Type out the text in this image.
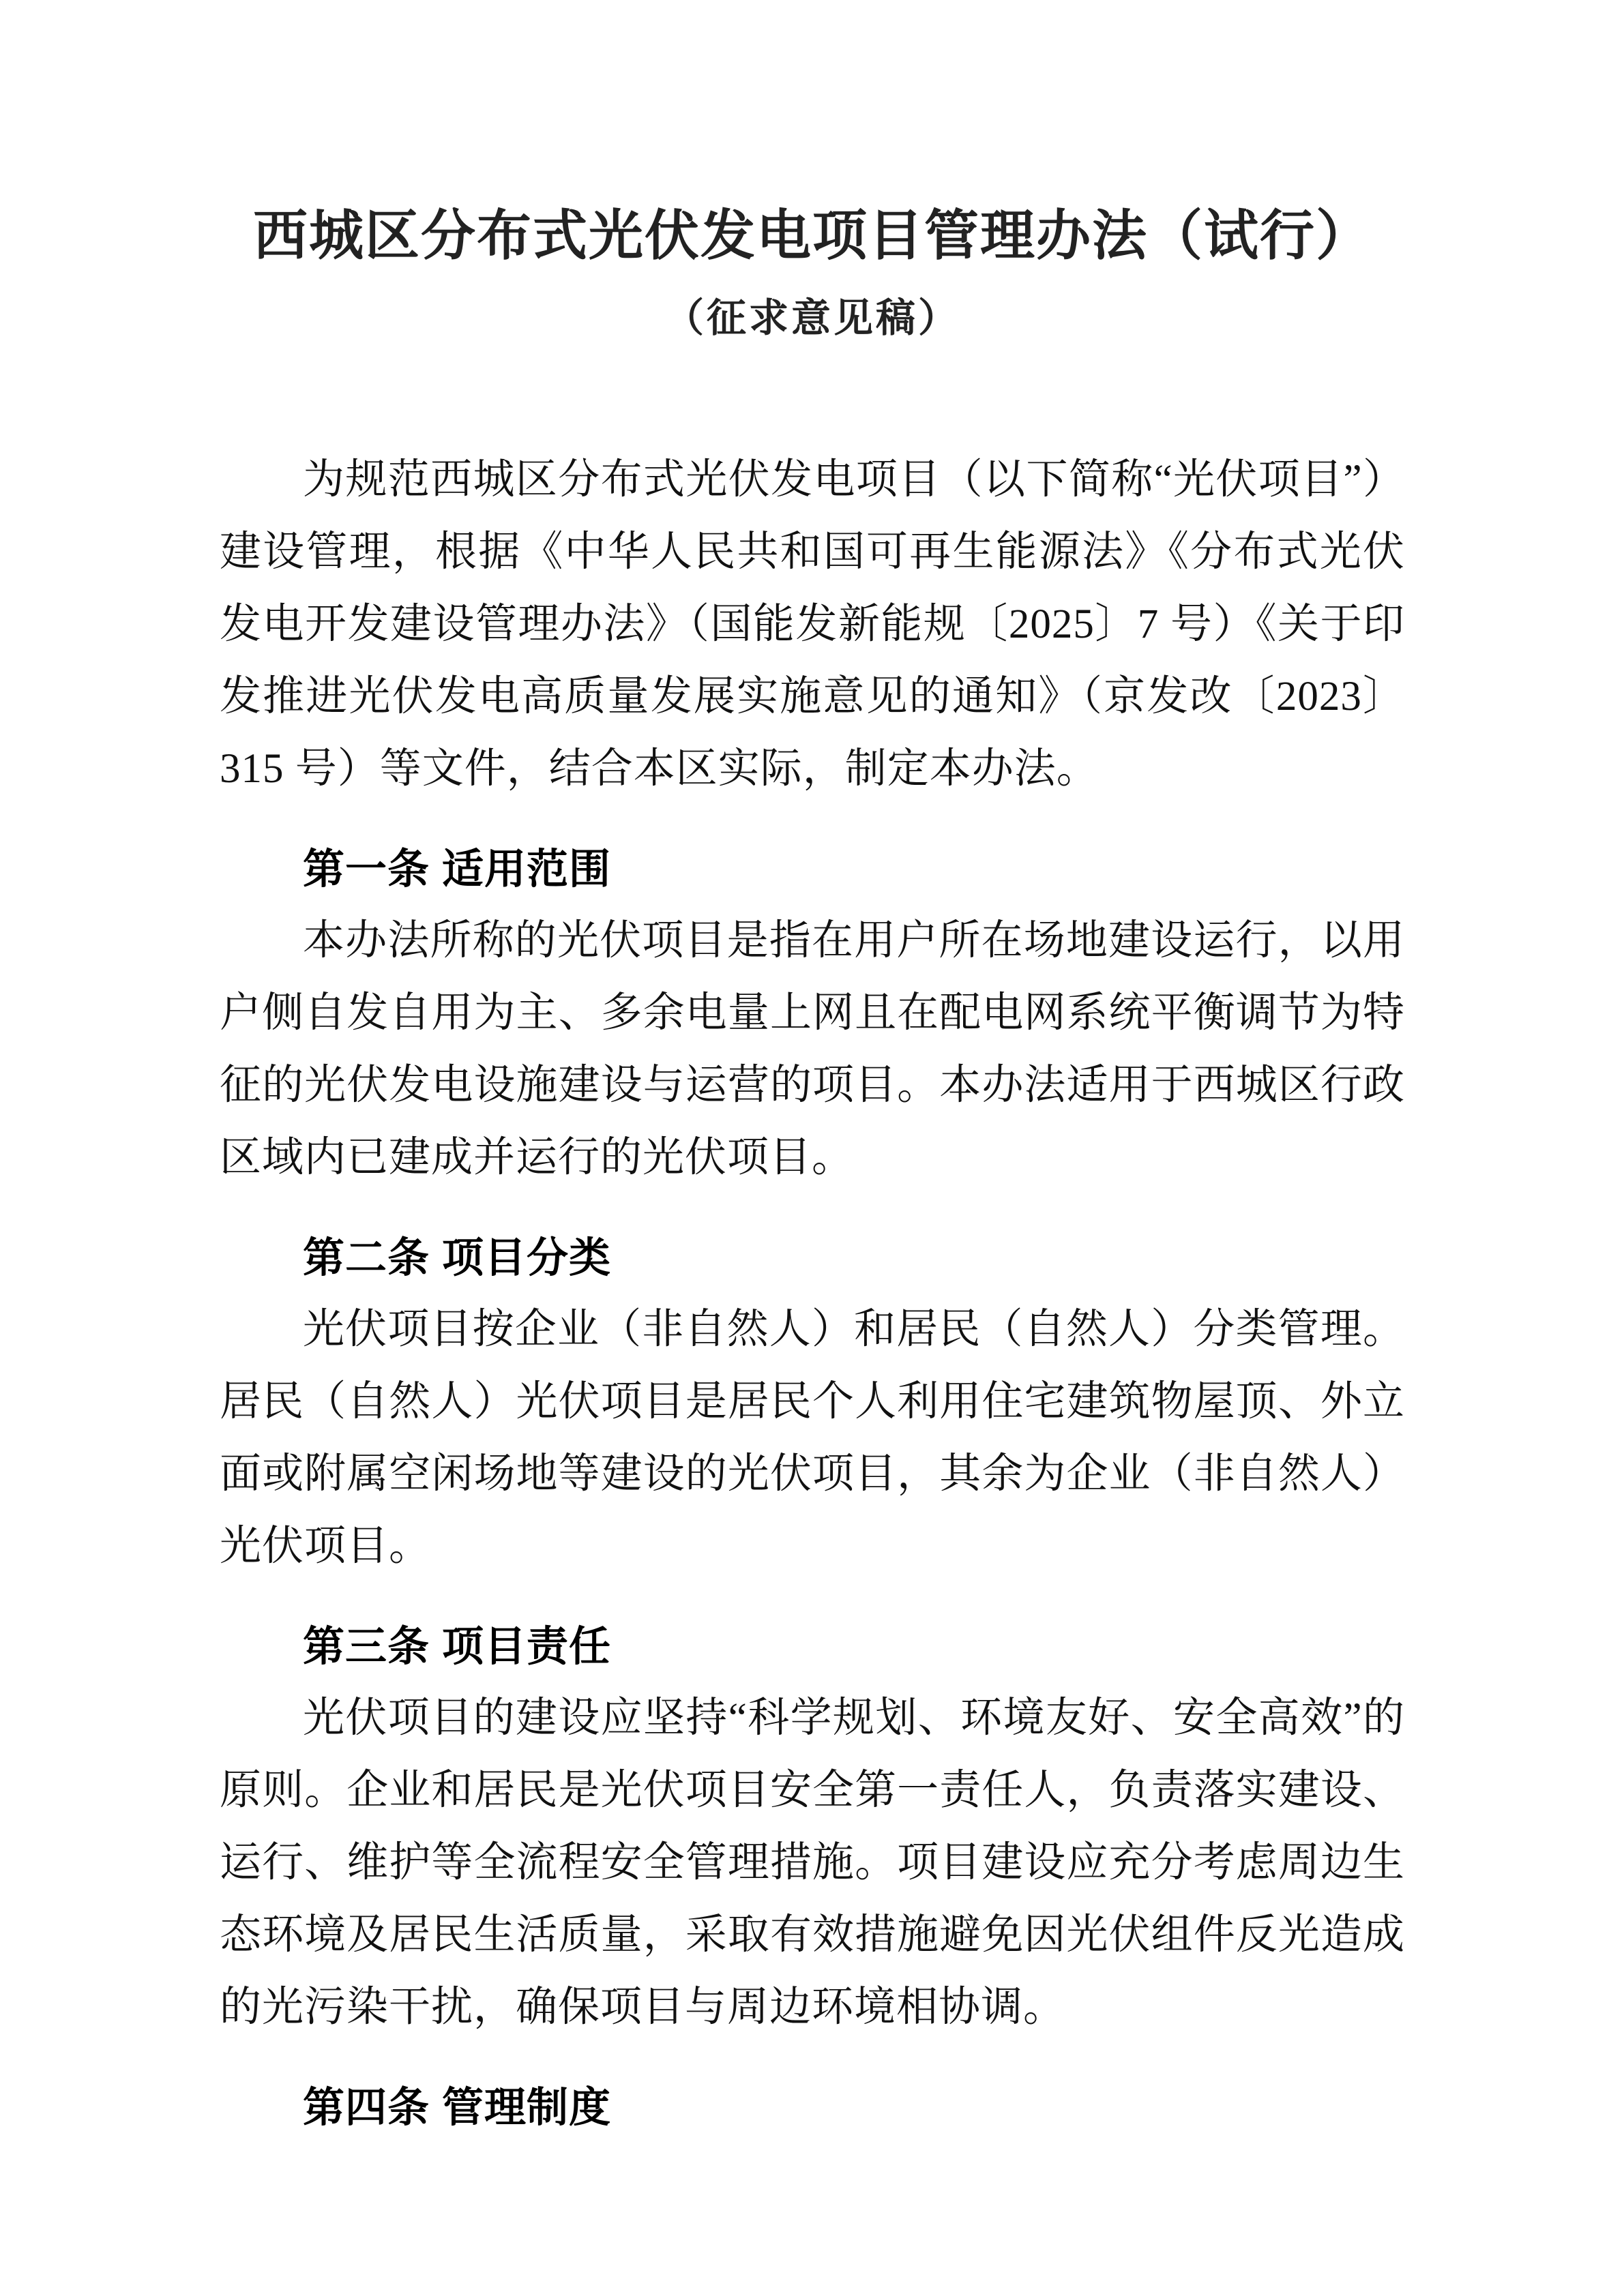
西城区分布式光伏发电项目管理办法（试行）
（征求意见稿）

为规范西城区分布式光伏发电项目（以下简称“光伏项目”）建设管理，根据《中华人民共和国可再生能源法》《分布式光伏发电开发建设管理办法》（国能发新能规〔2025〕7 号）《关于印发推进光伏发电高质量发展实施意见的通知》（京发改〔2023〕315 号）等文件，结合本区实际，制定本办法。

第一条 适用范围

本办法所称的光伏项目是指在用户所在场地建设运行，以用户侧自发自用为主、多余电量上网且在配电网系统平衡调节为特征的光伏发电设施建设与运营的项目。本办法适用于西城区行政区域内已建成并运行的光伏项目。

第二条 项目分类

光伏项目按企业（非自然人）和居民（自然人）分类管理。居民（自然人）光伏项目是居民个人利用住宅建筑物屋顶、外立面或附属空闲场地等建设的光伏项目，其余为企业（非自然人）光伏项目。

第三条 项目责任

光伏项目的建设应坚持“科学规划、环境友好、安全高效”的原则。企业和居民是光伏项目安全第一责任人，负责落实建设、运行、维护等全流程安全管理措施。项目建设应充分考虑周边生态环境及居民生活质量，采取有效措施避免因光伏组件反光造成的光污染干扰，确保项目与周边环境相协调。

第四条 管理制度
